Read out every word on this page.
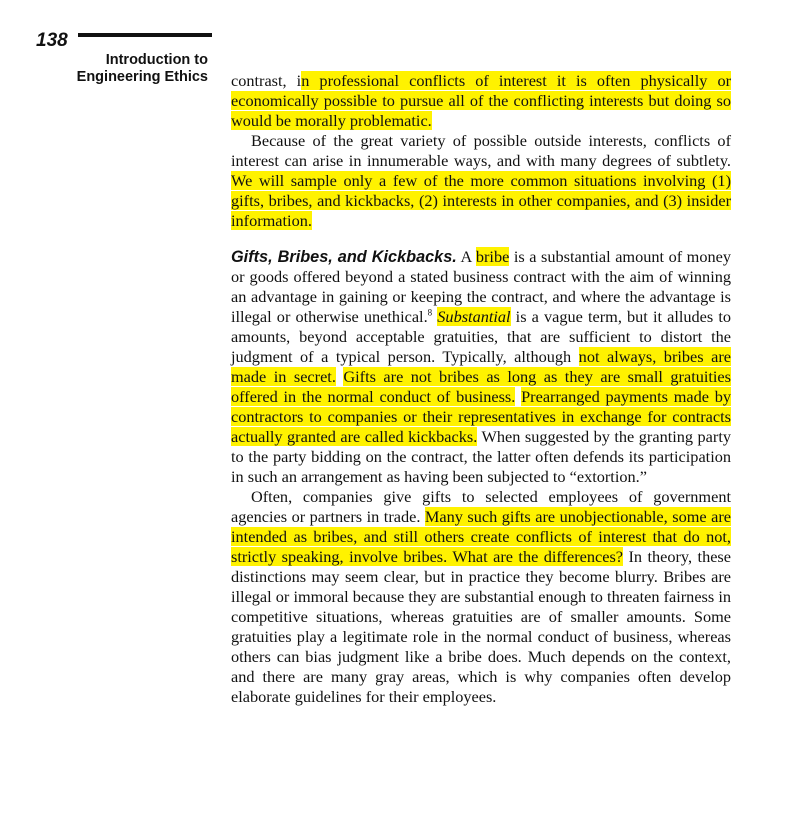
138
Introduction to
Engineering Ethics contrast, in professional conflicts of interest it is often physically or economically possible to pursue all of the conflicting interests but doing so would be morally problematic.

Because of the great variety of possible outside interests, conflicts of interest can arise in innumerable ways, and with many degrees of subtlety. We will sample only a few of the more common situations involving (1) gifts, bribes, and kickbacks, (2) interests in other companies, and (3) insider information.

Gifts, Bribes, and Kickbacks. A bribe is a substantial amount of money or goods offered beyond a stated business contract with the aim of winning an advantage in gaining or keeping the contract, and where the advantage is illegal or otherwise unethical.$^8$ Substantial is a vague term, but it alludes to amounts, beyond acceptable gratuities, that are sufficient to distort the judgment of a typical person. Typically, although not always, bribes are made in secret. Gifts are not bribes as long as they are small gratuities offered in the normal conduct of business. Prearranged payments made by contractors to companies or their representatives in exchange for contracts actually granted are called kickbacks. When suggested by the granting party to the party bidding on the contract, the latter often defends its participation in such an arrangement as having been subjected to “extortion.”

Often, companies give gifts to selected employees of government agencies or partners in trade. Many such gifts are unobjectionable, some are intended as bribes, and still others create conflicts of interest that do not, strictly speaking, involve bribes. What are the differences? In theory, these distinctions may seem clear, but in practice they become blurry. Bribes are illegal or immoral because they are substantial enough to threaten fairness in competitive situations, whereas gratuities are of smaller amounts. Some gratuities play a legitimate role in the normal conduct of business, whereas others can bias judgment like a bribe does. Much depends on the context, and there are many gray areas, which is why companies often develop elaborate guidelines for their employees.
